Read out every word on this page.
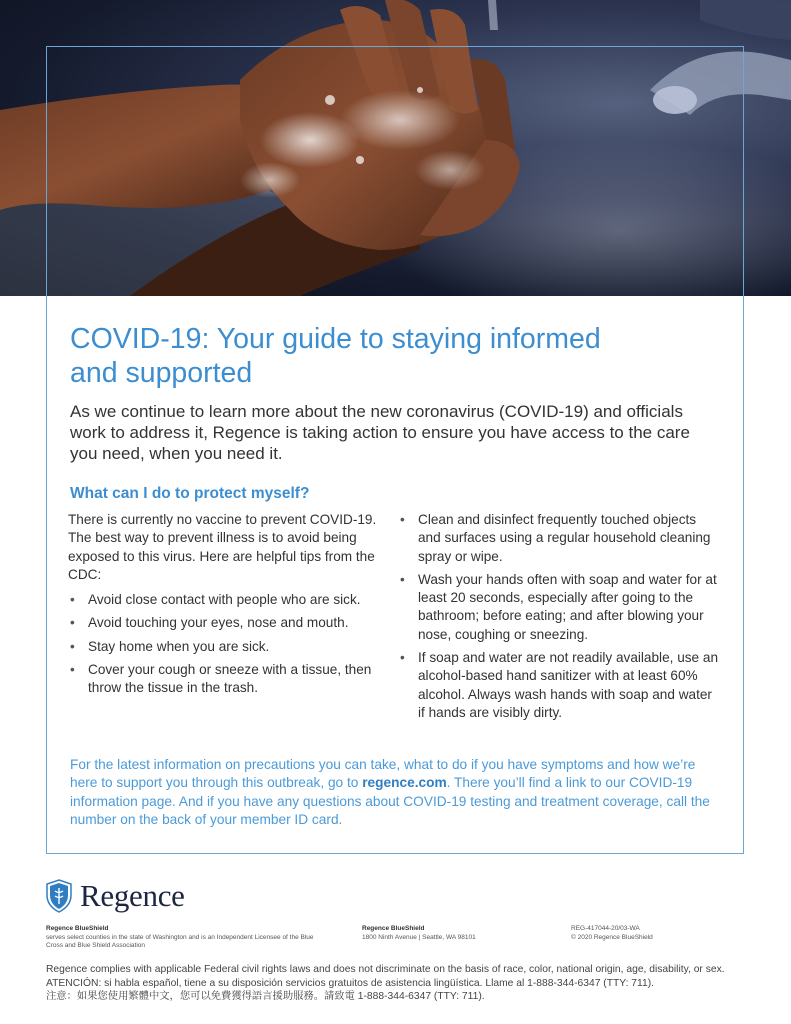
COVID-19: Your guide to staying informed and supported

As we continue to learn more about the new coronavirus (COVID-19) and officials work to address it, Regence is taking action to ensure you have access to the care you need, when you need it.

What can I do to protect myself?

There is currently no vaccine to prevent COVID-19. The best way to prevent illness is to avoid being exposed to this virus. Here are helpful tips from the CDC:

• Avoid close contact with people who are sick.
• Avoid touching your eyes, nose and mouth.
• Stay home when you are sick.
• Cover your cough or sneeze with a tissue, then throw the tissue in the trash.
• Clean and disinfect frequently touched objects and surfaces using a regular household cleaning spray or wipe.
• Wash your hands often with soap and water for at least 20 seconds, especially after going to the bathroom; before eating; and after blowing your nose, coughing or sneezing.
• If soap and water are not readily available, use an alcohol-based hand sanitizer with at least 60% alcohol. Always wash hands with soap and water if hands are visibly dirty.

For the latest information on precautions you can take, what to do if you have symptoms and how we’re here to support you through this outbreak, go to regence.com. There you’ll find a link to our COVID-19 information page. And if you have any questions about COVID-19 testing and treatment coverage, call the number on the back of your member ID card.

Regence
Regence BlueShield
serves select counties in the state of Washington and is an Independent Licensee of the Blue Cross and Blue Shield Association
Regence BlueShield
1800 Ninth Avenue | Seattle, WA 98101
REG-417044-20/03-WA
© 2020 Regence BlueShield
Regence complies with applicable Federal civil rights laws and does not discriminate on the basis of race, color, national origin, age, disability, or sex. ATENCIÓN: si habla español, tiene a su disposición servicios gratuitos de asistencia lingüística. Llame al 1-888-344-6347 (TTY: 711).
注意：如果您使用繁體中文，您可以免費獲得語言援助服務。請致電 1-888-344-6347 (TTY: 711).
